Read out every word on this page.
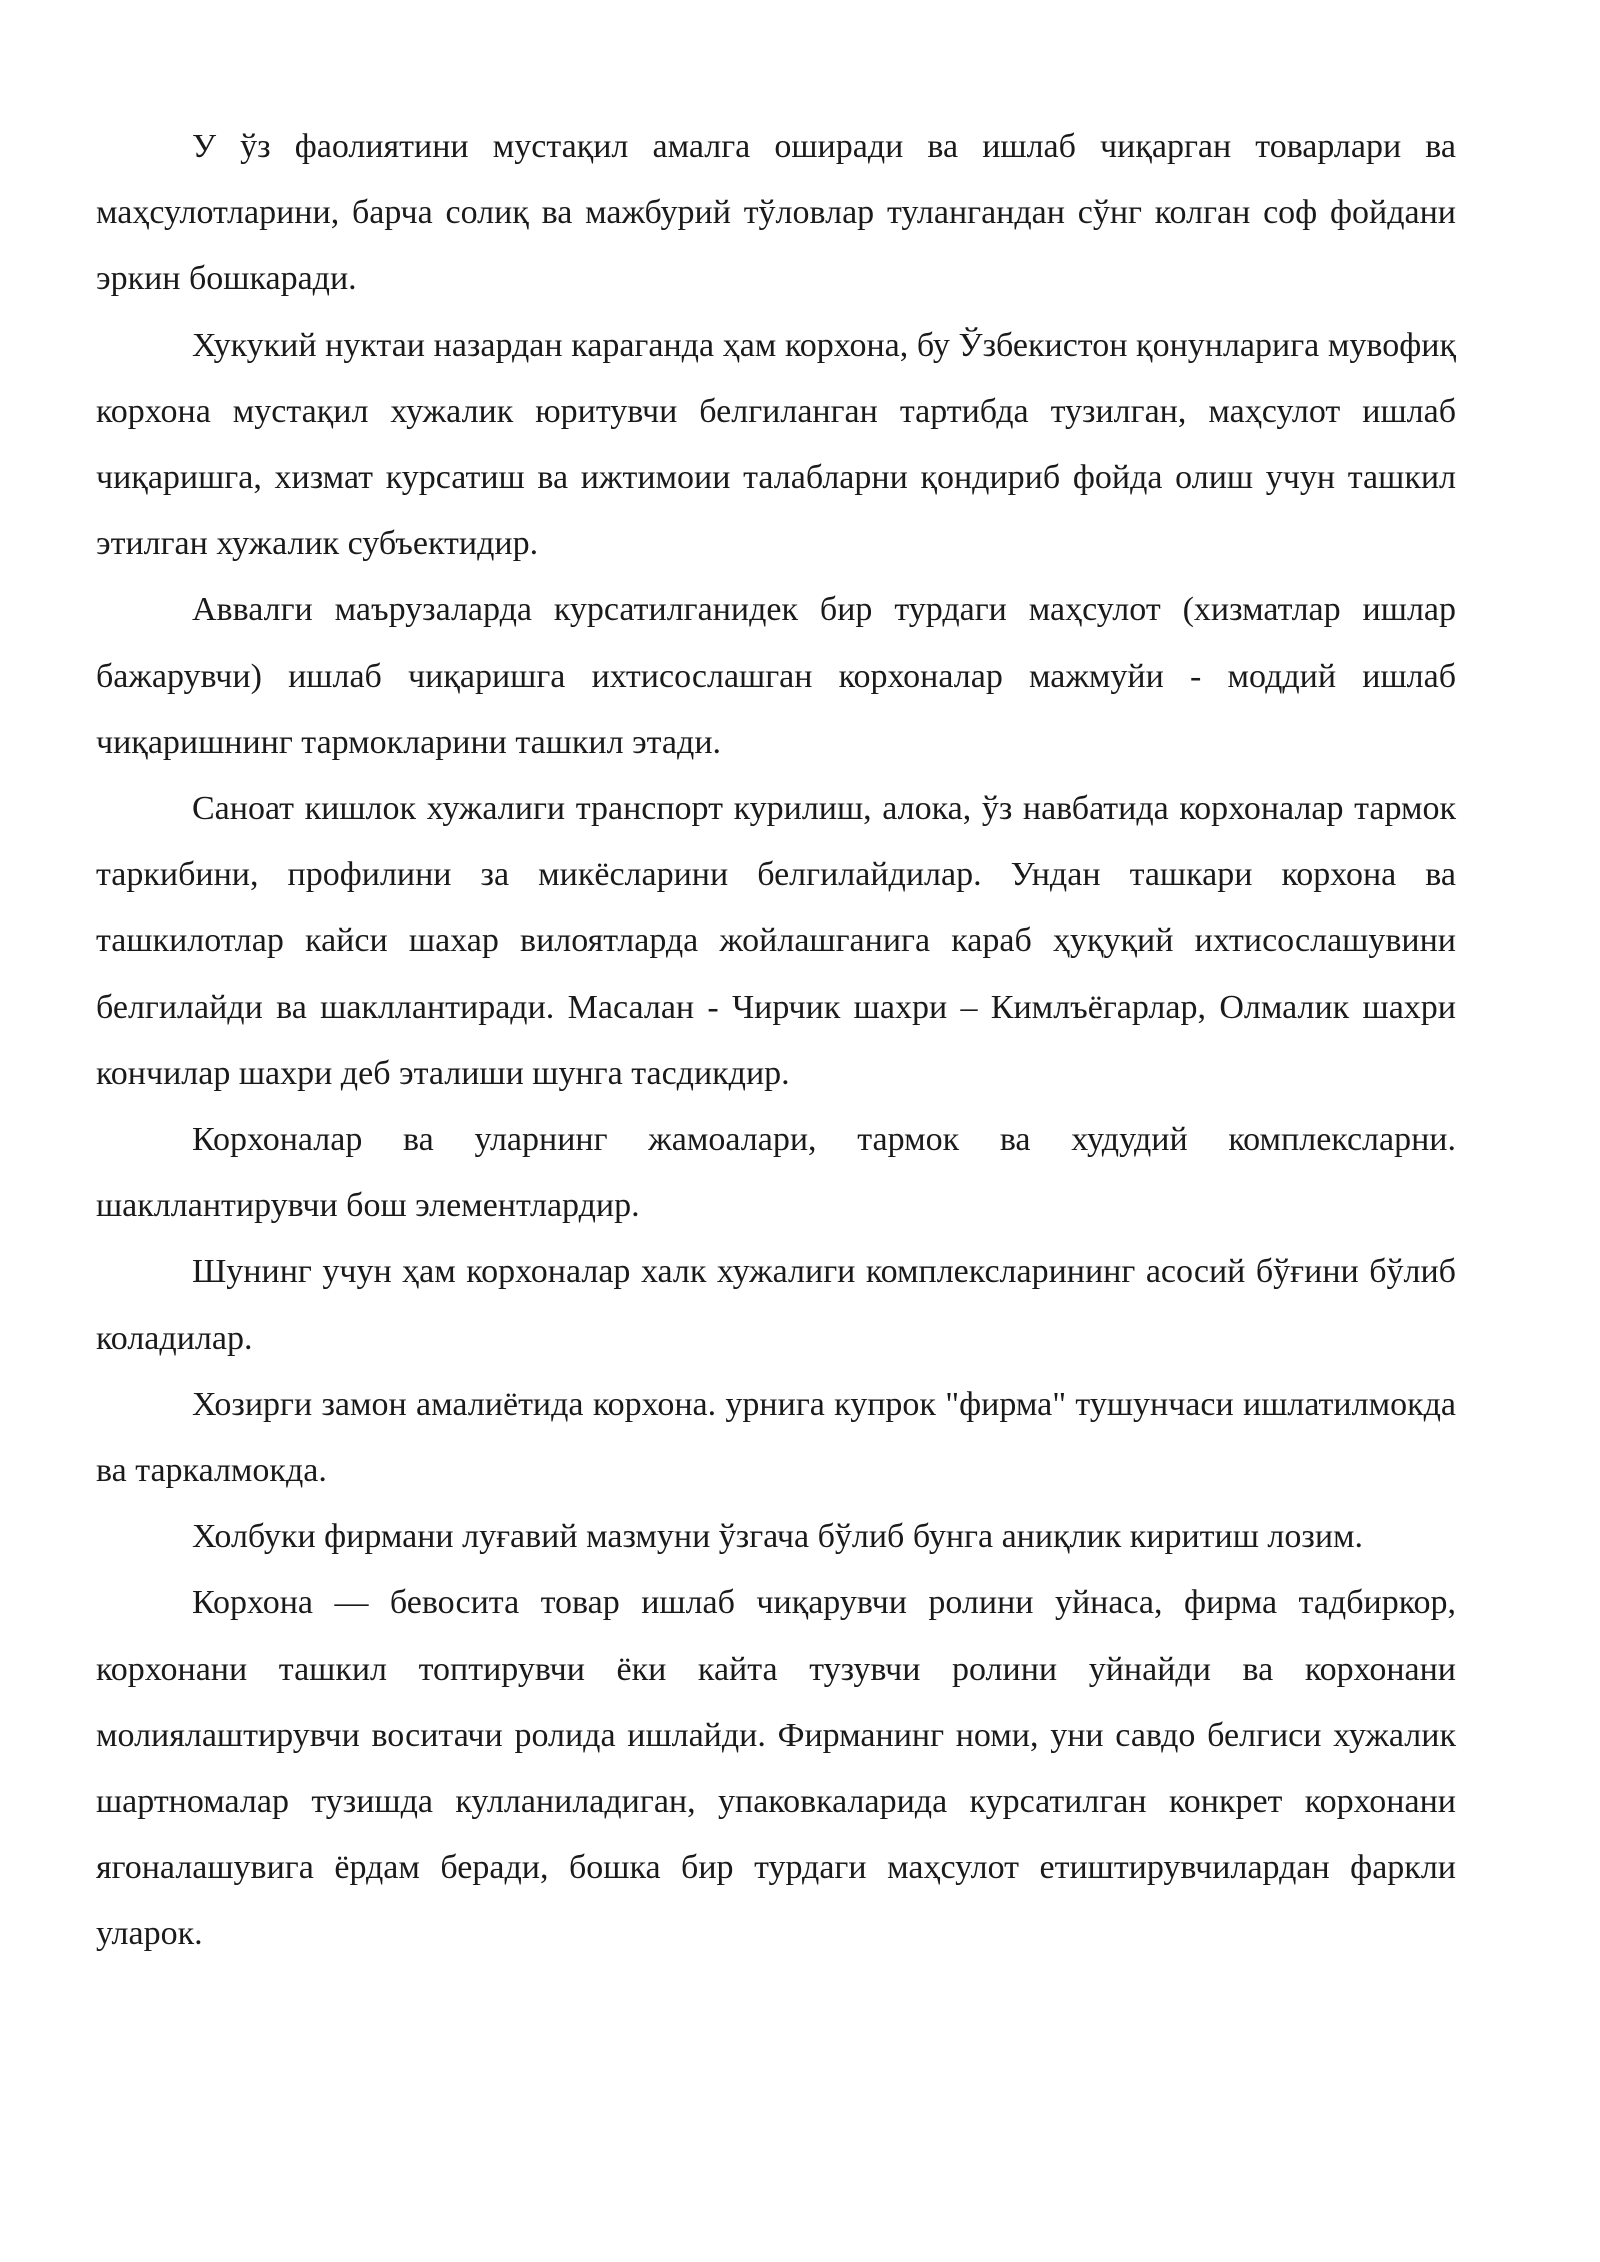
У ўз фаолиятини мустақил амалга оширади ва ишлаб чиқарган товарлари ва маҳсулотларини, барча солиқ ва мажбурий тўловлар тулангандан сўнг колган соф фойдани эркин бошкаради.

Хукукий нуктаи назардан караганда ҳам корхона, бу Ўзбекистон қонунларига мувофиқ корхона мустақил хужалик юритувчи белгиланган тартибда тузилган, маҳсулот ишлаб чиқаришга, хизмат курсатиш ва ижтимоии талабларни қондириб фойда олиш учун ташкил этилган хужалик субъектидир.

Аввалги маърузаларда курсатилганидек бир турдаги маҳсулот (хизматлар ишлар бажарувчи) ишлаб чиқаришга ихтисослашган корхоналар мажмуйи - моддий ишлаб чиқаришнинг тармокларини ташкил этади.

Саноат кишлок хужалиги транспорт курилиш, алока, ўз навбатида корхоналар тармок таркибини, профилини за микёсларини белгилайдилар. Ундан ташкари корхона ва ташкилотлар кайси шахар вилоятларда жойлашганига караб ҳуқуқий ихтисослашувини белгилайди ва шакллантиради. Масалан - Чирчик шахри – Кимлъёгарлар, Олмалик шахри кончилар шахри деб эталиши шунга тасдикдир.

Корхоналар ва уларнинг жамоалари, тармок ва худудий комплексларни. шакллантирувчи бош элементлардир.

Шунинг учун ҳам корхоналар халк хужалиги комплексларининг асосий бўғини бўлиб коладилар.

Хозирги замон амалиётида корхона. урнига купрок "фирма" тушунчаси ишлатилмокда ва таркалмокда.

Холбуки фирмани луғавий мазмуни ўзгача бўлиб бунга аниқлик киритиш лозим.

Корхона — бевосита товар ишлаб чиқарувчи ролини уйнаса, фирма тадбиркор, корхонани ташкил топтирувчи ёки кайта тузувчи ролини уйнайди ва корхонани молиялаштирувчи воситачи ролида ишлайди. Фирманинг номи, уни савдо белгиси хужалик шартномалар тузишда кулланиладиган, упаковкаларида курсатилган конкрет корхонани ягоналашувига ёрдам беради, бошка бир турдаги маҳсулот етиштирувчилардан фаркли уларок.
